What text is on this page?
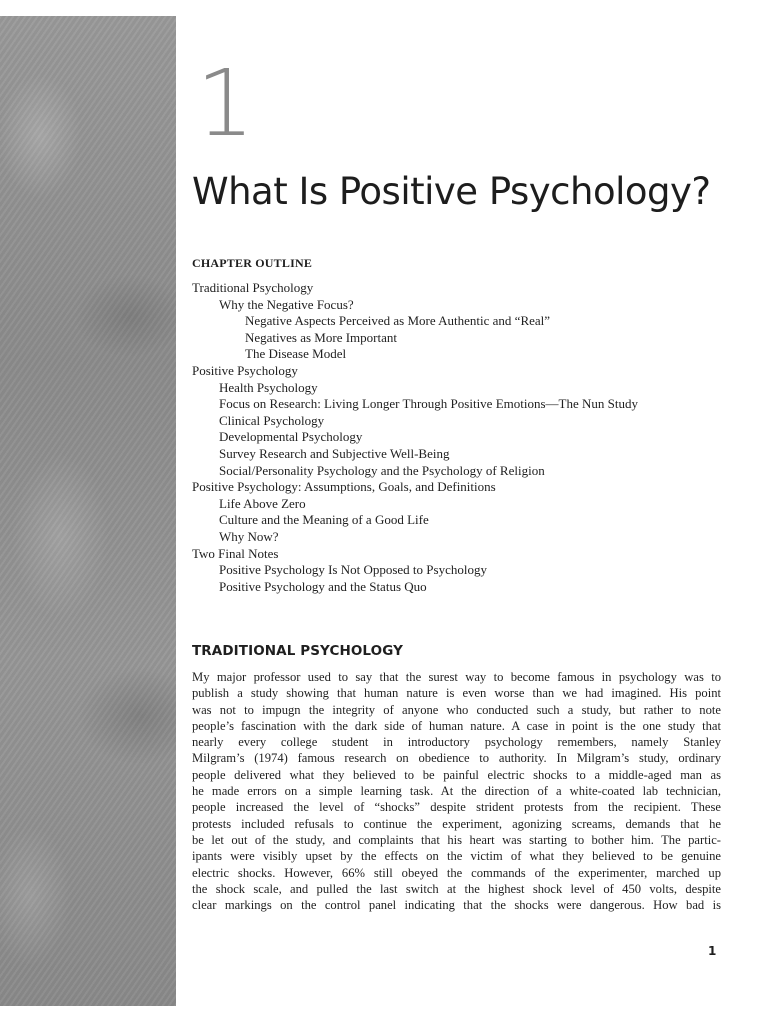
1
What Is Positive Psychology?
CHAPTER OUTLINE
Traditional Psychology
Why the Negative Focus?
Negative Aspects Perceived as More Authentic and “Real”
Negatives as More Important
The Disease Model
Positive Psychology
Health Psychology
Focus on Research: Living Longer Through Positive Emotions—The Nun Study
Clinical Psychology
Developmental Psychology
Survey Research and Subjective Well-Being
Social/Personality Psychology and the Psychology of Religion
Positive Psychology: Assumptions, Goals, and Definitions
Life Above Zero
Culture and the Meaning of a Good Life
Why Now?
Two Final Notes
Positive Psychology Is Not Opposed to Psychology
Positive Psychology and the Status Quo
TRADITIONAL PSYCHOLOGY
My major professor used to say that the surest way to become famous in psychology was to
publish a study showing that human nature is even worse than we had imagined. His point
was not to impugn the integrity of anyone who conducted such a study, but rather to note
people’s fascination with the dark side of human nature. A case in point is the one study that
nearly every college student in introductory psychology remembers, namely Stanley
Milgram’s (1974) famous research on obedience to authority. In Milgram’s study, ordinary
people delivered what they believed to be painful electric shocks to a middle-aged man as
he made errors on a simple learning task. At the direction of a white-coated lab technician,
people increased the level of “shocks” despite strident protests from the recipient. These
protests included refusals to continue the experiment, agonizing screams, demands that he
be let out of the study, and complaints that his heart was starting to bother him. The partic-
ipants were visibly upset by the effects on the victim of what they believed to be genuine
electric shocks. However, 66% still obeyed the commands of the experimenter, marched up
the shock scale, and pulled the last switch at the highest shock level of 450 volts, despite
clear markings on the control panel indicating that the shocks were dangerous. How bad is
1
